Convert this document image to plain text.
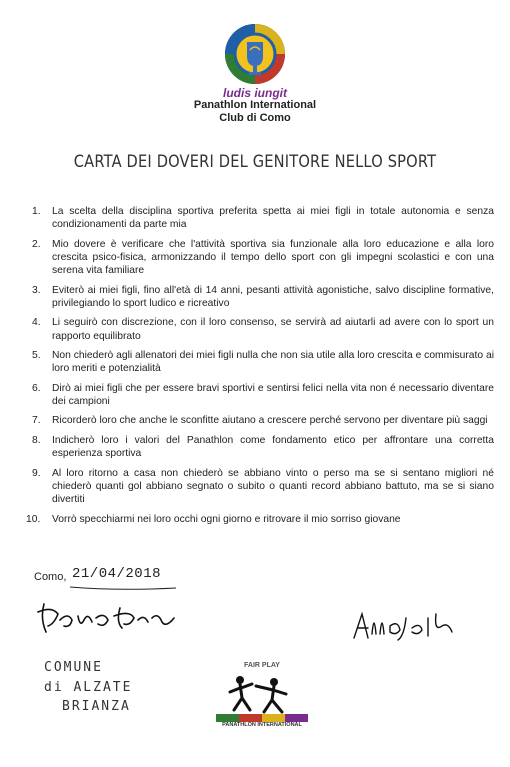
ludis iungit
Panathlon International
Club di Como
CARTA DEI DOVERI DEL GENITORE NELLO SPORT
1. La scelta della disciplina sportiva preferita spetta ai miei figli in totale autonomia e senza condizionamenti da parte mia
2. Mio dovere è verificare che l'attività sportiva sia funzionale alla loro educazione e alla loro crescita psico-fisica, armonizzando il tempo dello sport con gli impegni scolastici e con una serena vita familiare
3. Eviterò ai miei figli, fino all'età di 14 anni, pesanti attività agonistiche, salvo discipline formative, privilegiando lo sport ludico e ricreativo
4. Li seguirò con discrezione, con il loro consenso, se servirà ad aiutarli ad avere con lo sport un rapporto equilibrato
5. Non chiederò agli allenatori dei miei figli nulla che non sia utile alla loro crescita e commisurato ai loro meriti e potenzialità
6. Dirò ai miei figli che per essere bravi sportivi e sentirsi felici nella vita non é necessario diventare dei campioni
7. Ricorderò loro che anche le sconfitte aiutano a crescere perché servono per diventare più saggi
8. Indicherò loro i valori del Panathlon come fondamento etico per affrontare una corretta esperienza sportiva
9. Al loro ritorno a casa non chiederò se abbiano vinto o perso ma se si sentano migliori né chiederò quanti gol abbiano segnato o subito o quanti record abbiano battuto, ma se si siano divertiti
10. Vorrò specchiarmi nei loro occhi ogni giorno e ritrovare il mio sorriso giovane
Como, 21/04/2018
COMUNE
di ALZATE
BRIANZA
FAIR PLAY
PANATHLON INTERNATIONAL
